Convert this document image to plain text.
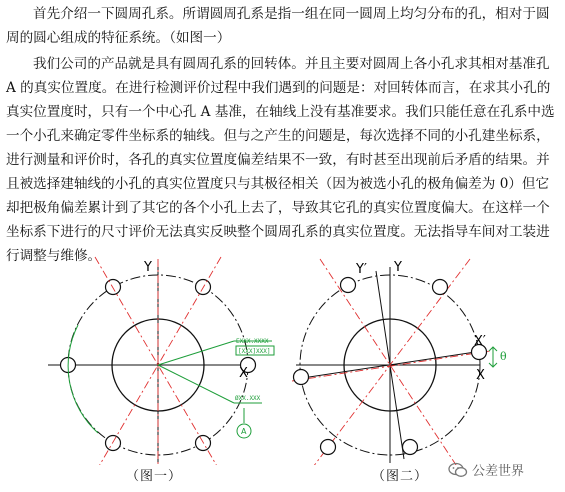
首先介绍一下圆周孔系。所谓圆周孔系是指一组在同一圆周上均匀分布的孔，相对于圆周的圆心组成的特征系统。（如图一）

我们公司的产品就是具有圆周孔系的回转体。并且主要对圆周上各小孔求其相对基准孔 A 的真实位置度。在进行检测评价过程中我们遇到的问题是：对回转体而言，在求其小孔的真实位置度时，只有一个中心孔 A 基准，在轴线上没有基准要求。我们只能任意在孔系中选一个小孔来确定零件坐标系的轴线。但与之产生的问题是，每次选择不同的小孔建坐标系，进行测量和评价时，各孔的真实位置度偏差结果不一致，有时甚至出现前后矛盾的结果。并且被选择建轴线的小孔的真实位置度只与其极径相关（因为被选小孔的极角偏差为 0）但它却把极角偏差累计到了其它的各个小孔上去了，导致其它孔的真实位置度偏大。在这样一个坐标系下进行的尺寸评价无法真实反映整个圆周孔系的真实位置度。无法指导车间对工装进行调整与维修。

EXXX.XXXX
[XXX]XXX]
ØXX.XXX
A
Y
X
θ
Y′ Y
X′
X
（图一）	（图二）	公差世界
